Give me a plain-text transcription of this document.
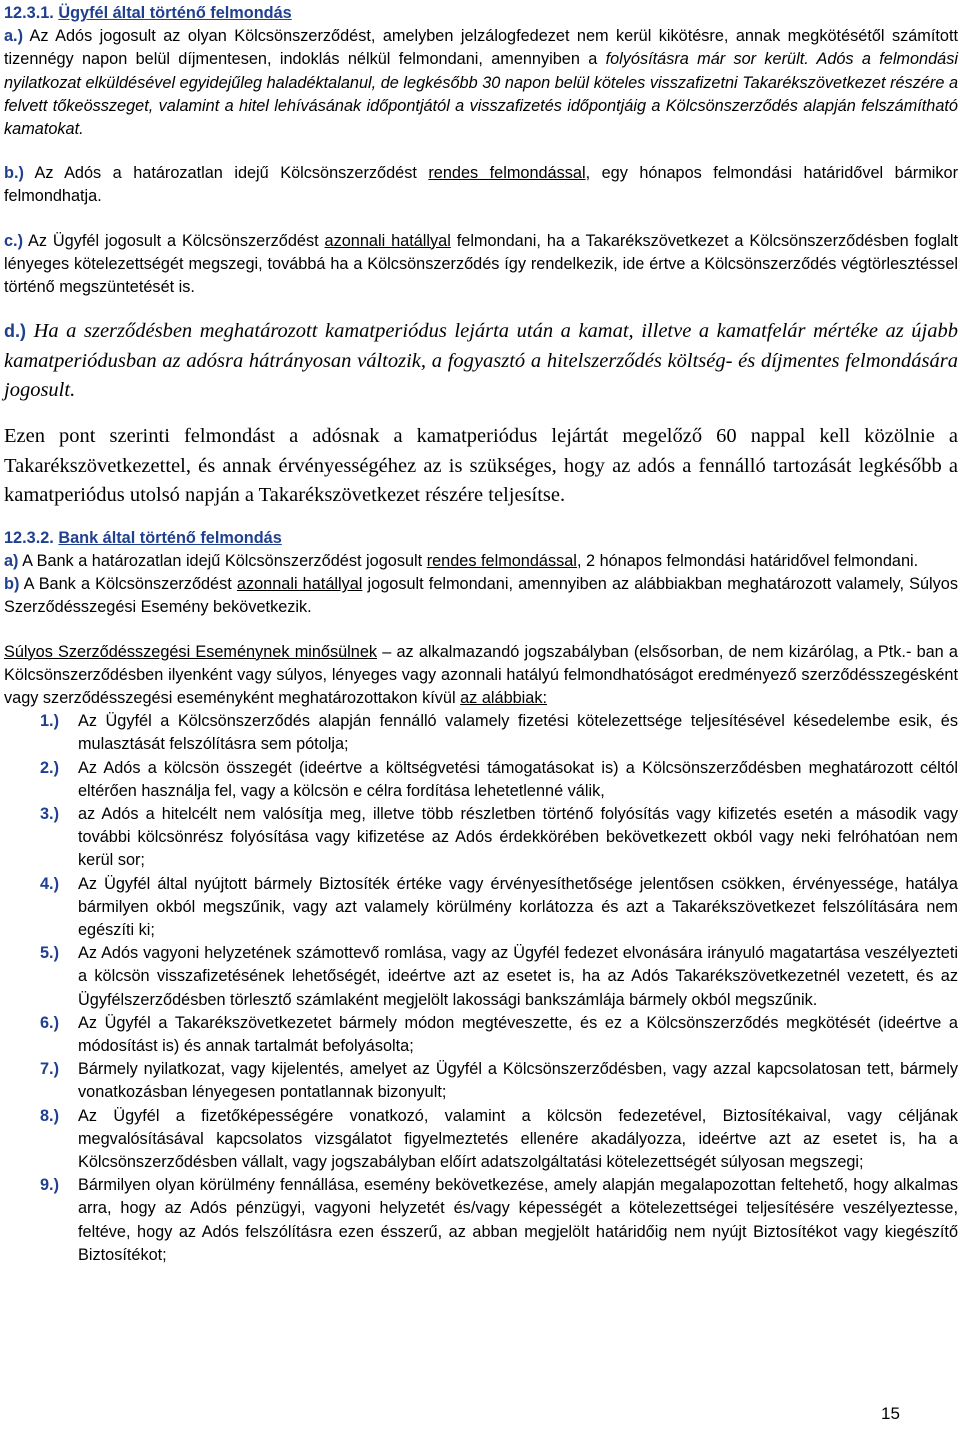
12.3.1. Ügyfél által történő felmondás

a.) Az Adós jogosult az olyan Kölcsönszerződést, amelyben jelzálogfedezet nem kerül kikötésre, annak megkötésétől számított tizennégy napon belül díjmentesen, indoklás nélkül felmondani, amennyiben a folyósításra már sor került. Adós a felmondási nyilatkozat elküldésével egyidejűleg haladéktalanul, de legkésőbb 30 napon belül köteles visszafizetni Takarékszövetkezet részére a felvett tőkeösszeget, valamint a hitel lehívásának időpontjától a visszafizetés időpontjáig a Kölcsönszerződés alapján felszámítható kamatokat.

b.) Az Adós a határozatlan idejű Kölcsönszerződést rendes felmondással, egy hónapos felmondási határidővel bármikor felmondhatja.

c.) Az Ügyfél jogosult a Kölcsönszerződést azonnali hatállyal felmondani, ha a Takarékszövetkezet a Kölcsönszerződésben foglalt lényeges kötelezettségét megszegi, továbbá ha a Kölcsönszerződés így rendelkezik, ide értve a Kölcsönszerződés végtörlesztéssel történő megszüntetését is.

d.) Ha a szerződésben meghatározott kamatperiódus lejárta után a kamat, illetve a kamatfelár mértéke az újabb kamatperiódusban az adósra hátrányosan változik, a fogyasztó a hitelszerződés költség- és díjmentes felmondására jogosult.

Ezen pont szerinti felmondást a adósnak a kamatperiódus lejártát megelőző 60 nappal kell közölnie a Takarékszövetkezettel, és annak érvényességéhez az is szükséges, hogy az adós a fennálló tartozását legkésőbb a kamatperiódus utolsó napján a Takarékszövetkezet részére teljesítse.

12.3.2. Bank által történő felmondás

a) A Bank a határozatlan idejű Kölcsönszerződést jogosult rendes felmondással, 2 hónapos felmondási határidővel felmondani.

b) A Bank a Kölcsönszerződést azonnali hatállyal jogosult felmondani, amennyiben az alábbiakban meghatározott valamely, Súlyos Szerződésszegési Esemény bekövetkezik.

Súlyos Szerződésszegési Eseménynek minősülnek – az alkalmazandó jogszabályban (elsősorban, de nem kizárólag, a Ptk.- ban a Kölcsönszerződésben ilyenként vagy súlyos, lényeges vagy azonnali hatályú felmondhatóságot eredményező szerződésszegésként vagy szerződésszegési eseményként meghatározottakon kívül az alábbiak:

1.)	Az Ügyfél a Kölcsönszerződés alapján fennálló valamely fizetési kötelezettsége teljesítésével késedelembe esik, és mulasztását felszólításra sem pótolja;
2.)	Az Adós a kölcsön összegét (ideértve a költségvetési támogatásokat is) a Kölcsönszerződésben meghatározott céltól eltérően használja fel, vagy a kölcsön e célra fordítása lehetetlenné válik,
3.)	az Adós a hitelcélt nem valósítja meg, illetve több részletben történő folyósítás vagy kifizetés esetén a második vagy további kölcsönrész folyósítása vagy kifizetése az Adós érdekkörében bekövetkezett okból vagy neki felróhatóan nem kerül sor;
4.)	Az Ügyfél által nyújtott bármely Biztosíték értéke vagy érvényesíthetősége jelentősen csökken, érvényessége, hatálya bármilyen okból megszűnik, vagy azt valamely körülmény korlátozza és azt a Takarékszövetkezet felszólítására nem egészíti ki;
5.)	Az Adós vagyoni helyzetének számottevő romlása, vagy az Ügyfél fedezet elvonására irányuló magatartása veszélyezteti a kölcsön visszafizetésének lehetőségét, ideértve azt az esetet is, ha az Adós Takarékszövetkezetnél vezetett, és az Ügyfélszerződésben törlesztő számlaként megjelölt lakossági bankszámlája bármely okból megszűnik.
6.)	Az Ügyfél a Takarékszövetkezetet bármely módon megtéveszette, és ez a Kölcsönszerződés megkötését (ideértve a módosítást is) és annak tartalmát befolyásolta;
7.)	Bármely nyilatkozat, vagy kijelentés, amelyet az Ügyfél a Kölcsönszerződésben, vagy azzal kapcsolatosan tett, bármely vonatkozásban lényegesen pontatlannak bizonyult;
8.)	Az Ügyfél a fizetőképességére vonatkozó, valamint a kölcsön fedezetével, Biztosítékaival, vagy céljának megvalósításával kapcsolatos vizsgálatot figyelmeztetés ellenére akadályozza, ideértve azt az esetet is, ha a Kölcsönszerződésben vállalt, vagy jogszabályban előírt adatszolgáltatási kötelezettségét súlyosan megszegi;
9.)	Bármilyen olyan körülmény fennállása, esemény bekövetkezése, amely alapján megalapozottan feltehető, hogy alkalmas arra, hogy az Adós pénzügyi, vagyoni helyzetét és/vagy képességét a kötelezettségei teljesítésére veszélyeztesse, feltéve, hogy az Adós felszólításra ezen ésszerű, az abban megjelölt határidőig nem nyújt Biztosítékot vagy kiegészítő Biztosítékot;
15
